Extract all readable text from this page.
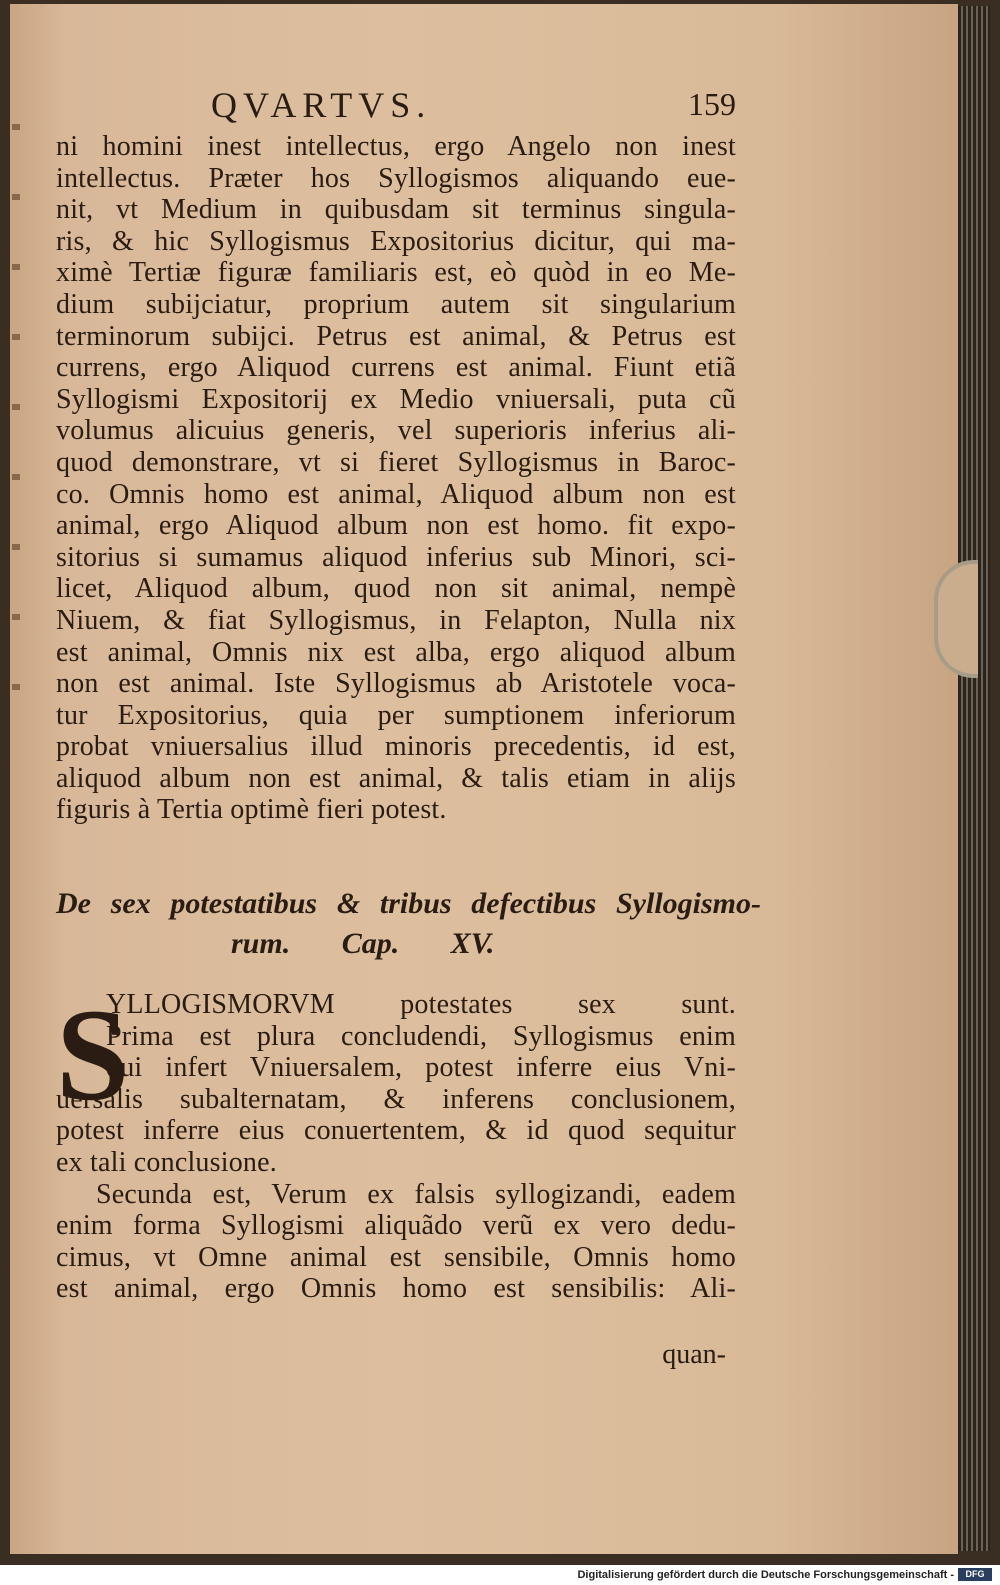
QVARTVS.	159
ni homini inest intellectus, ergo Angelo non inest
intellectus. Præter hos Syllogismos aliquando eue-
nit, vt Medium in quibusdam sit terminus singula-
ris, & hic Syllogismus Expositorius dicitur, qui ma-
ximè Tertiæ figuræ familiaris est, eò quòd in eo Me-
dium subijciatur, proprium autem sit singularium
terminorum subijci. Petrus est animal, & Petrus est
currens, ergo Aliquod currens est animal. Fiunt etiã
Syllogismi Expositorij ex Medio vniuersali, puta cũ
volumus alicuius generis, vel superioris inferius ali-
quod demonstrare, vt si fieret Syllogismus in Baroc-
co. Omnis homo est animal, Aliquod album non est
animal, ergo Aliquod album non est homo. fit expo-
sitorius si sumamus aliquod inferius sub Minori, sci-
licet, Aliquod album, quod non sit animal, nempè
Niuem, & fiat Syllogismus, in Felapton, Nulla nix
est animal, Omnis nix est alba, ergo aliquod album
non est animal. Iste Syllogismus ab Aristotele voca-
tur Expositorius, quia per sumptionem inferiorum
probat vniuersalius illud minoris precedentis, id est,
aliquod album non est animal, & talis etiam in alijs
figuris à Tertia optimè fieri potest.
De sex potestatibus & tribus defectibus Syllogismo-
rum. Cap. XV.
S
YLLOGISMORVM potestates sex sunt.
Prima est plura concludendi, Syllogismus enim
qui infert Vniuersalem, potest inferre eius Vni-
uersalis subalternatam, & inferens conclusionem,
potest inferre eius conuertentem, & id quod sequitur
ex tali conclusione.
Secunda est, Verum ex falsis syllogizandi, eadem
enim forma Syllogismi aliquãdo verũ ex vero dedu-
cimus, vt Omne animal est sensibile, Omnis homo
est animal, ergo Omnis homo est sensibilis: Ali-
quan-
Digitalisierung gefördert durch die Deutsche Forschungsgemeinschaft -	DFG
